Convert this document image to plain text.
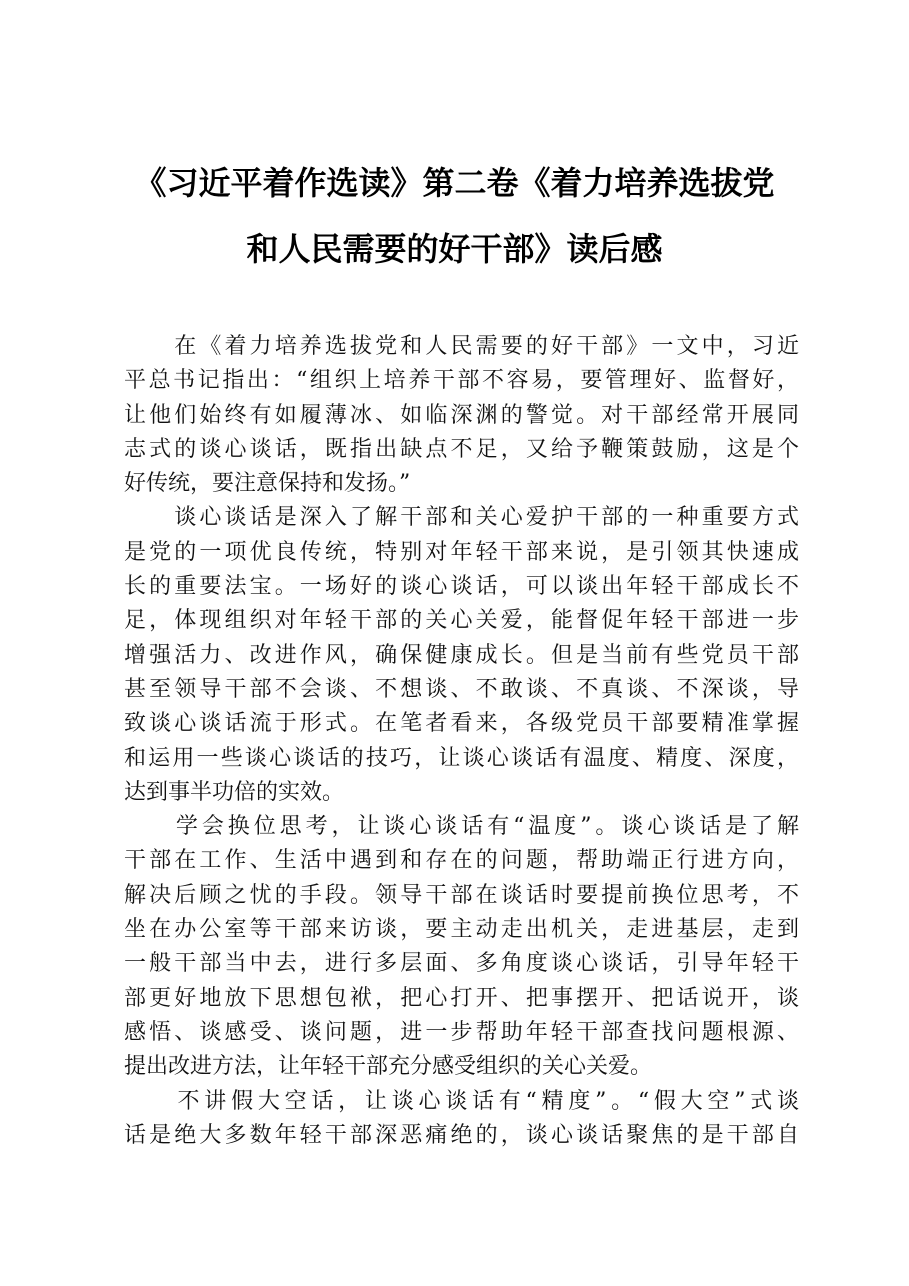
《习近平着作选读》第二卷《着力培养选拔党
和人民需要的好干部》读后感
　　在《着力培养选拔党和人民需要的好干部》一文中，习近
平总书记指出：“组织上培养干部不容易，要管理好、监督好，
让他们始终有如履薄冰、如临深渊的警觉。对干部经常开展同
志式的谈心谈话，既指出缺点不足，又给予鞭策鼓励，这是个
好传统，要注意保持和发扬。”
　　谈心谈话是深入了解干部和关心爱护干部的一种重要方式
是党的一项优良传统，特别对年轻干部来说，是引领其快速成
长的重要法宝。一场好的谈心谈话，可以谈出年轻干部成长不
足，体现组织对年轻干部的关心关爱，能督促年轻干部进一步
增强活力、改进作风，确保健康成长。但是当前有些党员干部
甚至领导干部不会谈、不想谈、不敢谈、不真谈、不深谈，导
致谈心谈话流于形式。在笔者看来，各级党员干部要精准掌握
和运用一些谈心谈话的技巧，让谈心谈话有温度、精度、深度，
达到事半功倍的实效。
　　学会换位思考，让谈心谈话有“温度”。谈心谈话是了解
干部在工作、生活中遇到和存在的问题，帮助端正行进方向，
解决后顾之忧的手段。领导干部在谈话时要提前换位思考，不
坐在办公室等干部来访谈，要主动走出机关，走进基层，走到
一般干部当中去，进行多层面、多角度谈心谈话，引导年轻干
部更好地放下思想包袱，把心打开、把事摆开、把话说开，谈
感悟、谈感受、谈问题，进一步帮助年轻干部查找问题根源、
提出改进方法，让年轻干部充分感受组织的关心关爱。
　　不讲假大空话，让谈心谈话有“精度”。“假大空”式谈
话是绝大多数年轻干部深恶痛绝的，谈心谈话聚焦的是干部自
